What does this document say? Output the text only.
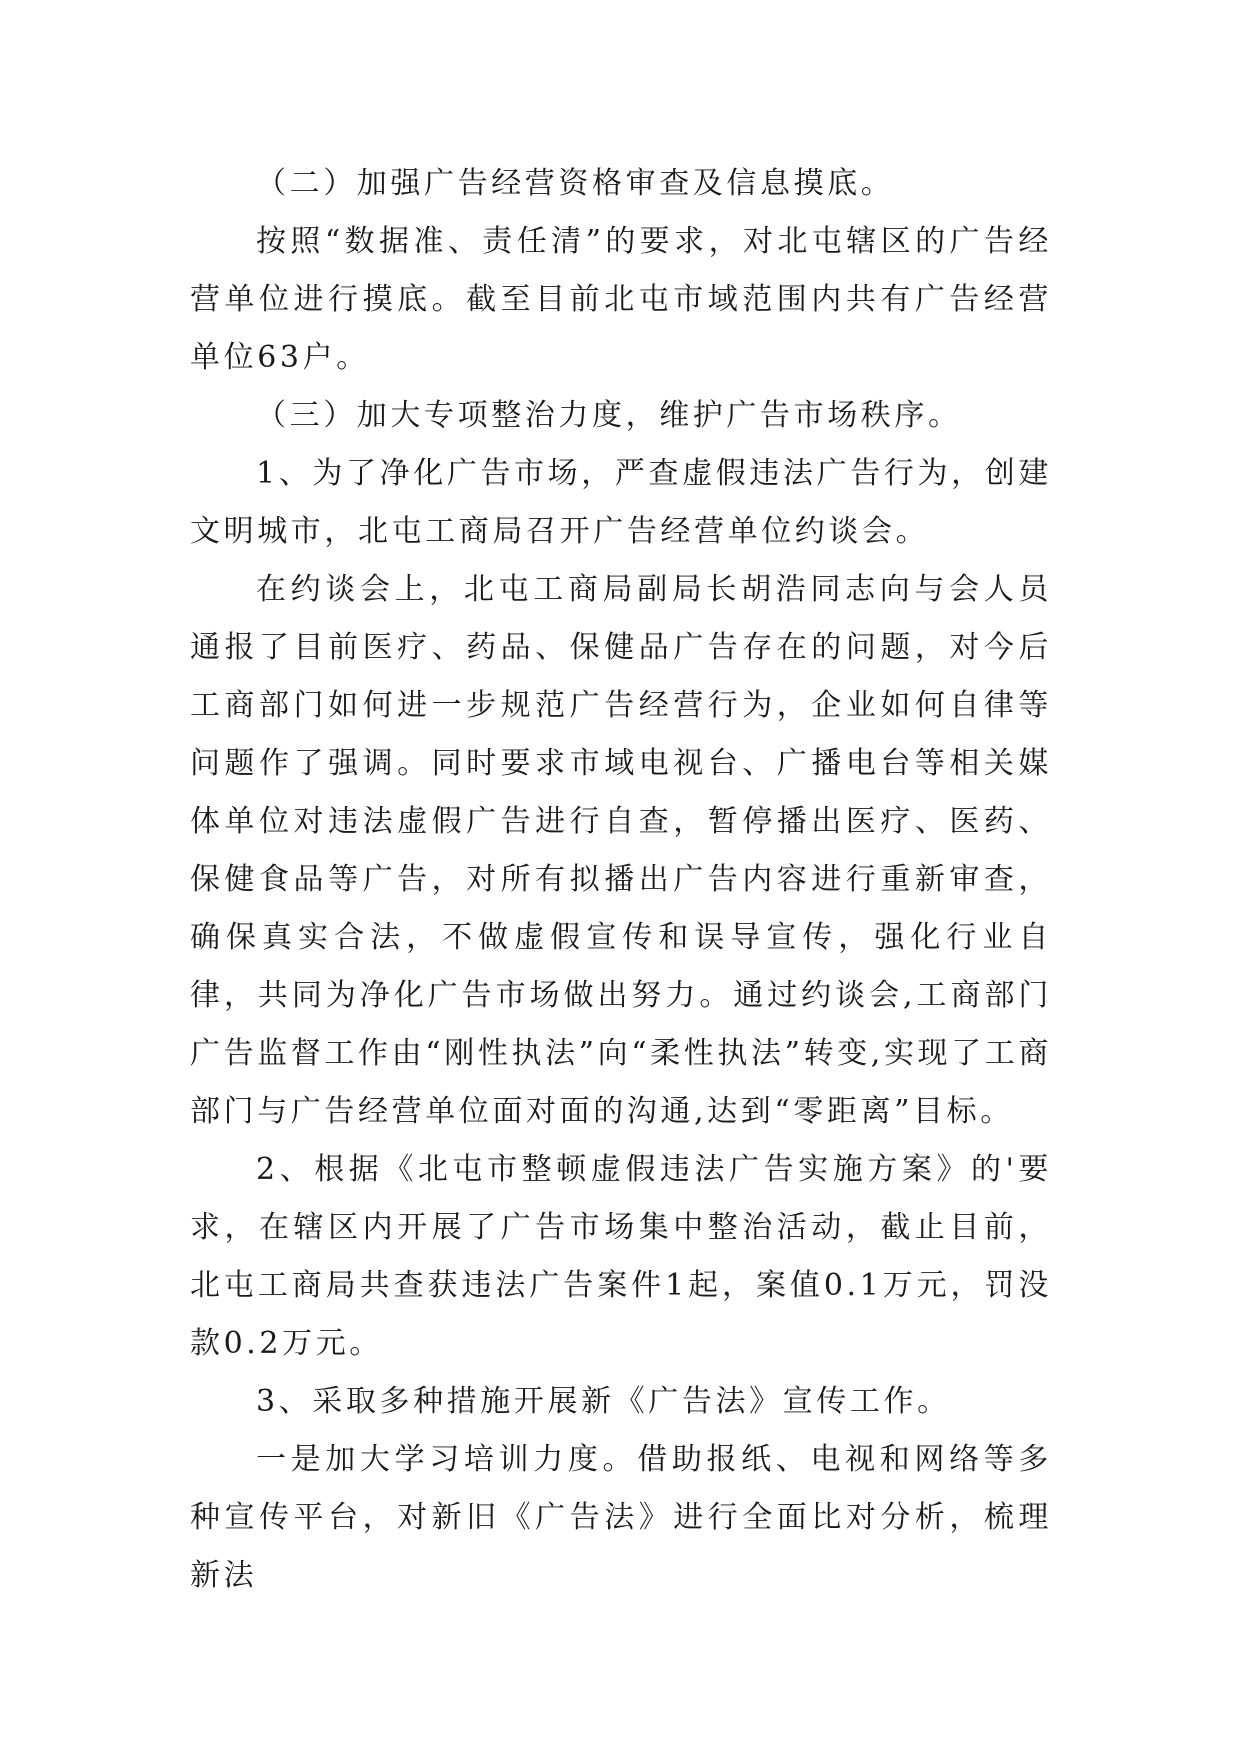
（二）加强广告经营资格审查及信息摸底。

按照“数据准、责任清”的要求，对北屯辖区的广告经营单位进行摸底。截至目前北屯市域范围内共有广告经营单位63户。

（三）加大专项整治力度，维护广告市场秩序。

1、为了净化广告市场，严查虚假违法广告行为，创建文明城市，北屯工商局召开广告经营单位约谈会。

在约谈会上，北屯工商局副局长胡浩同志向与会人员通报了目前医疗、药品、保健品广告存在的问题，对今后工商部门如何进一步规范广告经营行为，企业如何自律等问题作了强调。同时要求市域电视台、广播电台等相关媒体单位对违法虚假广告进行自查，暂停播出医疗、医药、保健食品等广告，对所有拟播出广告内容进行重新审查，确保真实合法，不做虚假宣传和误导宣传，强化行业自律，共同为净化广告市场做出努力。通过约谈会,工商部门广告监督工作由“刚性执法”向“柔性执法”转变,实现了工商部门与广告经营单位面对面的沟通,达到“零距离”目标。

2、根据《北屯市整顿虚假违法广告实施方案》的'要求，在辖区内开展了广告市场集中整治活动，截止目前，北屯工商局共查获违法广告案件1起，案值0.1万元，罚没款0.2万元。

3、采取多种措施开展新《广告法》宣传工作。

一是加大学习培训力度。借助报纸、电视和网络等多种宣传平台，对新旧《广告法》进行全面比对分析，梳理新法
